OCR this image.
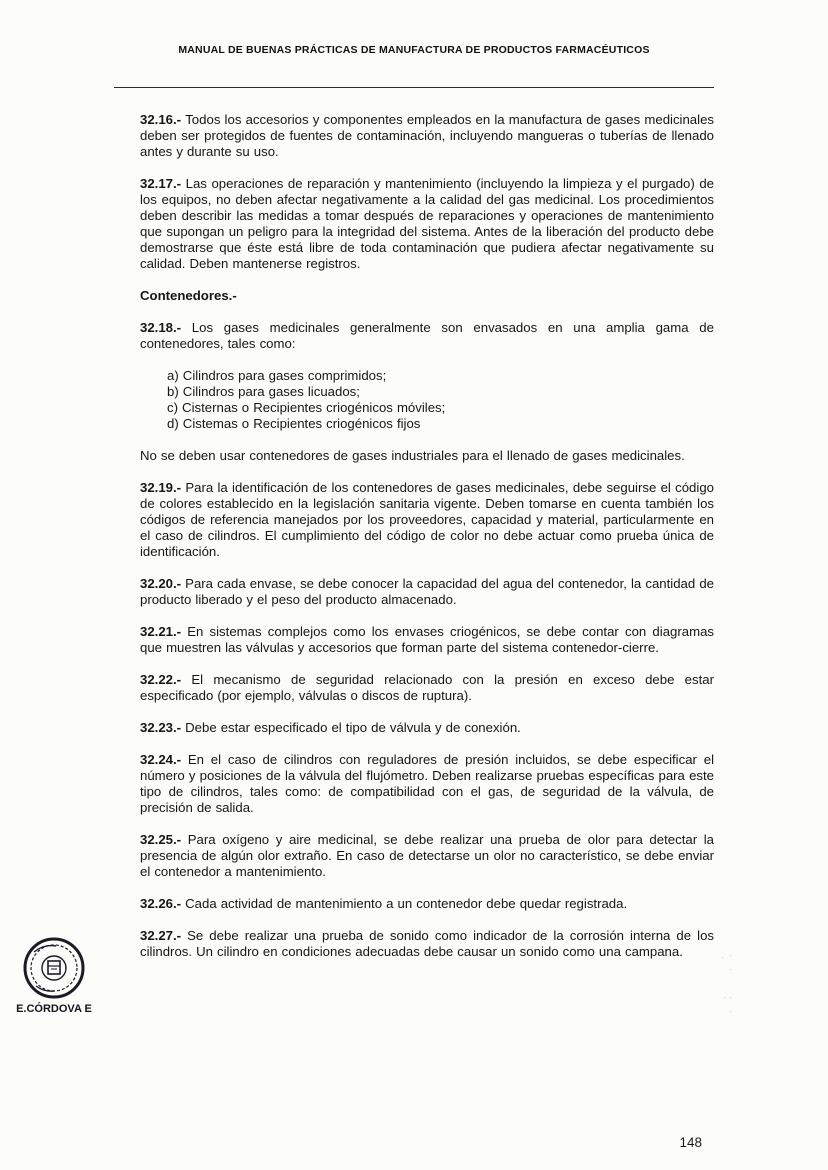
MANUAL DE BUENAS PRÁCTICAS DE MANUFACTURA DE PRODUCTOS FARMACÉUTICOS
32.16.- Todos los accesorios y componentes empleados en la manufactura de gases medicinales deben ser protegidos de fuentes de contaminación, incluyendo mangueras o tuberías de llenado antes y durante su uso.
32.17.- Las operaciones de reparación y mantenimiento (incluyendo la limpieza y el purgado) de los equipos, no deben afectar negativamente a la calidad del gas medicinal. Los procedimientos deben describir las medidas a tomar después de reparaciones y operaciones de mantenimiento que supongan un peligro para la integridad del sistema. Antes de la liberación del producto debe demostrarse que éste está libre de toda contaminación que pudiera afectar negativamente su calidad. Deben mantenerse registros.
Contenedores.-
32.18.- Los gases medicinales generalmente son envasados en una amplia gama de contenedores, tales como:
a) Cilindros para gases comprimidos;
b) Cilindros para gases licuados;
c) Cisternas o Recipientes criogénicos móviles;
d) Cistemas o Recipientes criogénicos fijos
No se deben usar contenedores de gases industriales para el llenado de gases medicinales.
32.19.- Para la identificación de los contenedores de gases medicinales, debe seguirse el código de colores establecido en la legislación sanitaria vigente. Deben tomarse en cuenta también los códigos de referencia manejados por los proveedores, capacidad y material, particularmente en el caso de cilindros. El cumplimiento del código de color no debe actuar como prueba única de identificación.
32.20.- Para cada envase, se debe conocer la capacidad del agua del contenedor, la cantidad de producto liberado y el peso del producto almacenado.
32.21.- En sistemas complejos como los envases criogénicos, se debe contar con diagramas que muestren las válvulas y accesorios que forman parte del sistema contenedor-cierre.
32.22.- El mecanismo de seguridad relacionado con la presión en exceso debe estar especificado (por ejemplo, válvulas o discos de ruptura).
32.23.- Debe estar especificado el tipo de válvula y de conexión.
32.24.- En el caso de cilindros con reguladores de presión incluidos, se debe especificar el número y posiciones de la válvula del flujómetro. Deben realizarse pruebas específicas para este tipo de cilindros, tales como: de compatibilidad con el gas, de seguridad de la válvula, de precisión de salida.
32.25.- Para oxígeno y aire medicinal, se debe realizar una prueba de olor para detectar la presencia de algún olor extraño. En caso de detectarse un olor no característico, se debe enviar el contenedor a mantenimiento.
32.26.- Cada actividad de mantenimiento a un contenedor debe quedar registrada.
32.27.- Se debe realizar una prueba de sonido como indicador de la corrosión interna de los cilindros. Un cilindro en condiciones adecuadas debe causar un sonido como una campana.
E.CÓRDOVA E
.  ·
·

· ·
·
148
